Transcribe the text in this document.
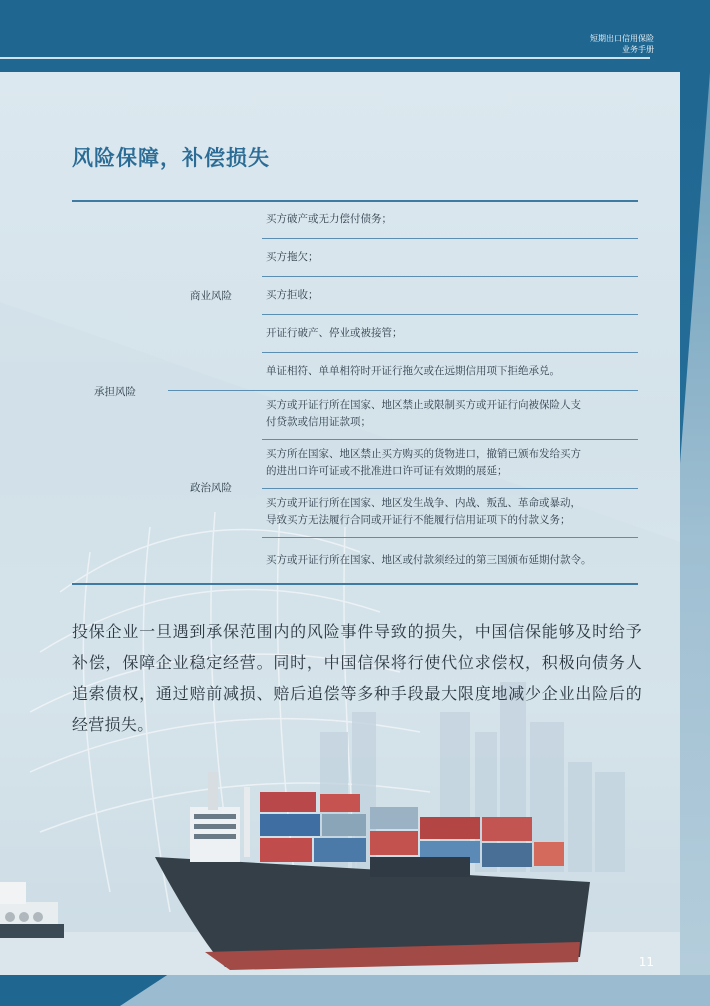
短期出口信用保险
业务手册
11
风险保障，补偿损失
承担风险
商业风险
政治风险
买方破产或无力偿付债务；
买方拖欠；
买方拒收；
开证行破产、停业或被接管；
单证相符、单单相符时开证行拖欠或在远期信用项下拒绝承兑。
买方或开证行所在国家、地区禁止或限制买方或开证行向被保险人支
付贷款或信用证款项；
买方所在国家、地区禁止买方购买的货物进口，撤销已颁布发给买方
的进出口许可证或不批准进口许可证有效期的展延；
买方或开证行所在国家、地区发生战争、内战、叛乱、革命或暴动，
导致买方无法履行合同或开证行不能履行信用证项下的付款义务；
买方或开证行所在国家、地区或付款须经过的第三国颁布延期付款令。
投保企业一旦遇到承保范围内的风险事件导致的损失，中国信保能够及时给予补偿，保障企业稳定经营。同时，中国信保将行使代位求偿权，积极向债务人追索债权，通过赔前减损、赔后追偿等多种手段最大限度地减少企业出险后的经营损失。
